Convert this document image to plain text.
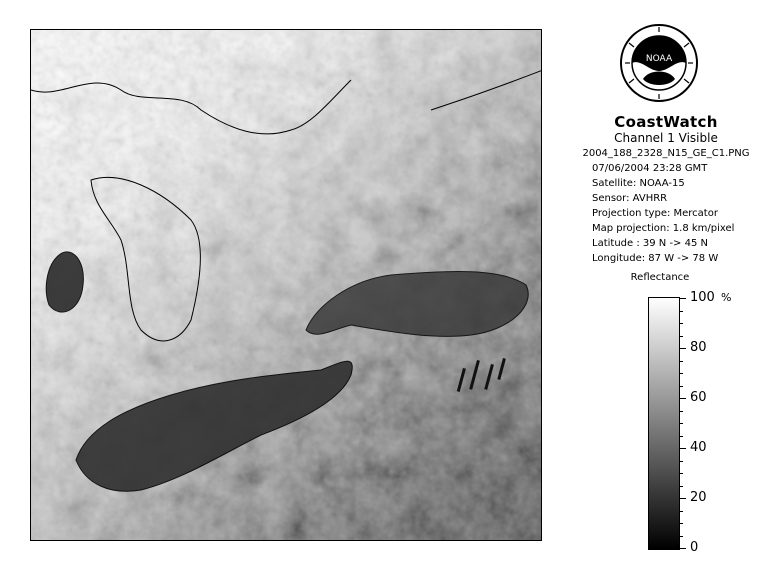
NOAA
CoastWatch
Channel 1 Visible
2004_188_2328_N15_GE_C1.PNG
07/06/2004 23:28 GMT
Satellite: NOAA-15
Sensor: AVHRR
Projection type: Mercator
Map projection: 1.8 km/pixel
Latitude : 39 N -> 45 N
Longitude: 87 W -> 78 W
Reflectance
%
100
80
60
40
20
0
